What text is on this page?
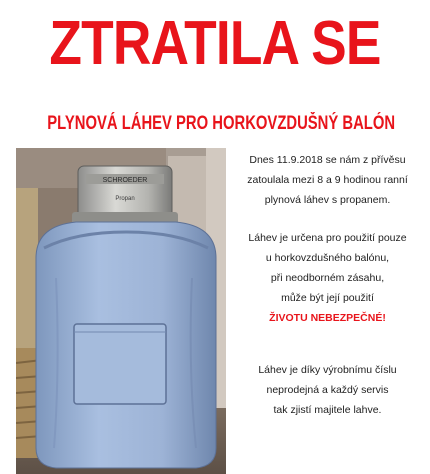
ZTRATILA SE
PLYNOVÁ LÁHEV PRO HORKOVZDUŠNÝ BALÓN
SCHROEDER
Propan

Dnes 11.9.2018 se nám z přívěsu

zatoulala mezi 8 a 9 hodinou ranní

plynová láhev s propanem.

Láhev je určena pro použití pouze

u horkovzdušného balónu,

při neodborném zásahu,

může být její použití

ŽIVOTU NEBEZPEČNÉ!

Láhev je díky výrobnímu číslu

neprodejná a každý servis

tak zjistí majitele lahve.
